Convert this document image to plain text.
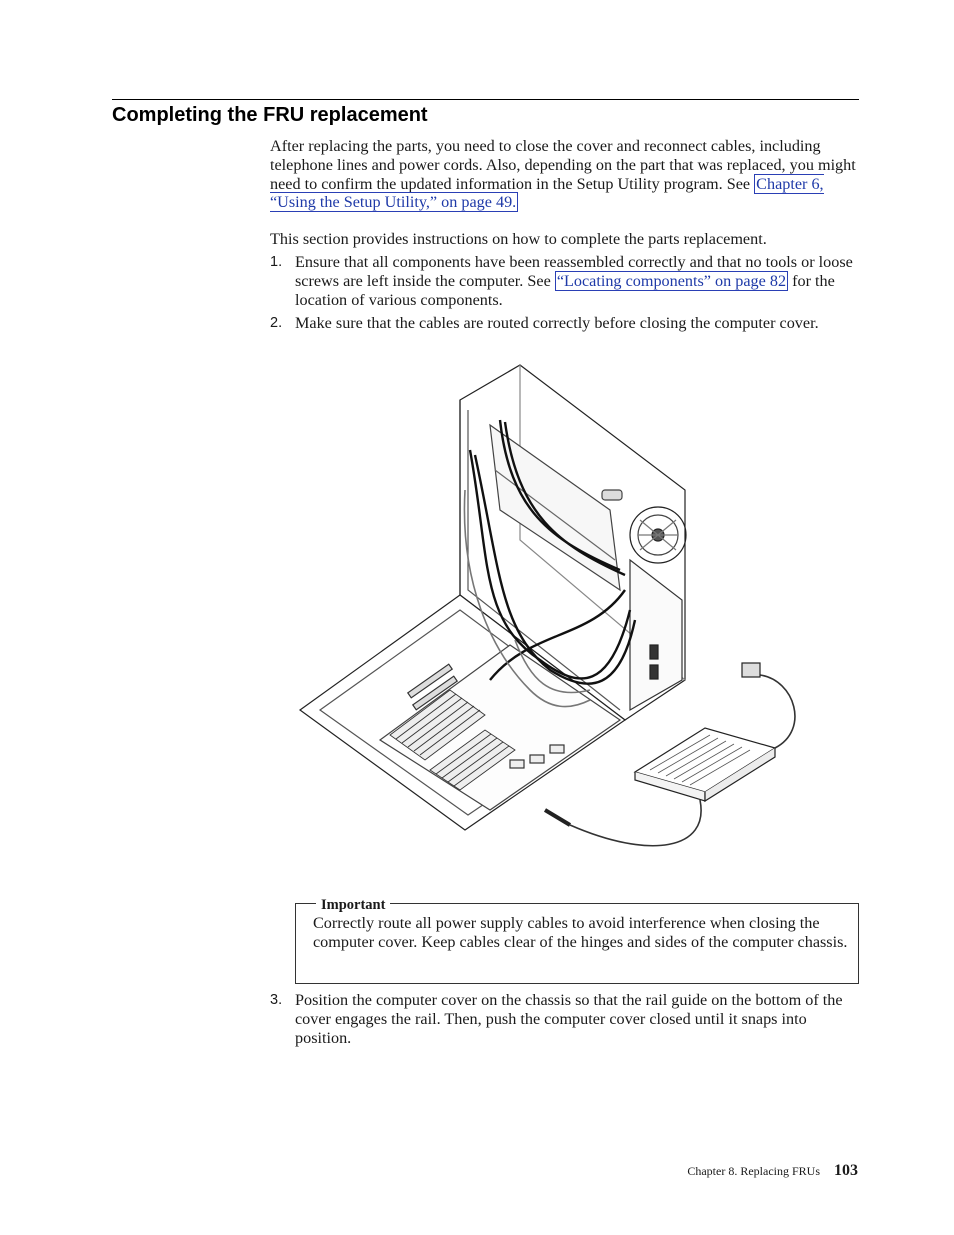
Completing the FRU replacement
After replacing the parts, you need to close the cover and reconnect cables, including telephone lines and power cords. Also, depending on the part that was replaced, you might need to confirm the updated information in the Setup Utility program. See Chapter 6, “Using the Setup Utility,” on page 49.
This section provides instructions on how to complete the parts replacement.
1. Ensure that all components have been reassembled correctly and that no tools or loose screws are left inside the computer. See “Locating components” on page 82 for the location of various components.
2. Make sure that the cables are routed correctly before closing the computer cover.
Important
Correctly route all power supply cables to avoid interference when closing the computer cover. Keep cables clear of the hinges and sides of the computer chassis.
3. Position the computer cover on the chassis so that the rail guide on the bottom of the cover engages the rail. Then, push the computer cover closed until it snaps into position.
Chapter 8. Replacing FRUs 103
